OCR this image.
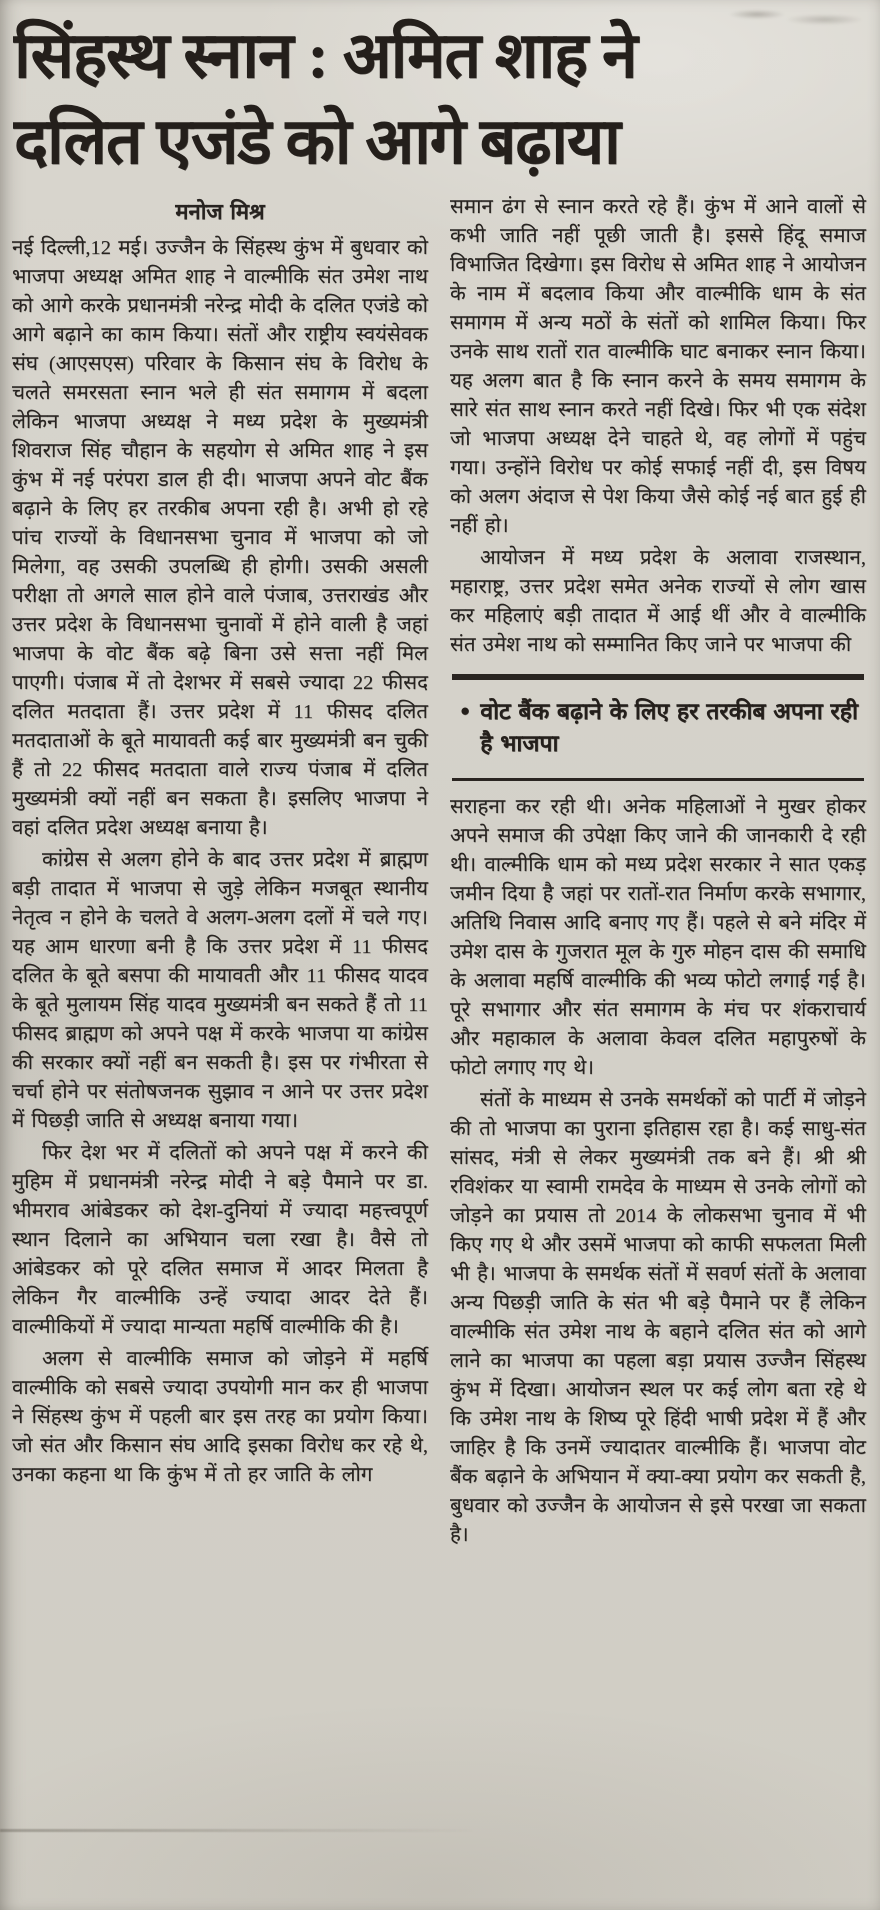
सिंहस्थ स्नान : अमित शाह ने
दलित एजंडे को आगे बढ़ाया
मनोज मिश्र

नई दिल्ली,12 मई। उज्जैन के सिंहस्थ कुंभ में बुधवार को भाजपा अध्यक्ष अमित शाह ने वाल्मीकि संत उमेश नाथ को आगे करके प्रधानमंत्री नरेन्द्र मोदी के दलित एजंडे को आगे बढ़ाने का काम किया। संतों और राष्ट्रीय स्वयंसेवक संघ (आएसएस) परिवार के किसान संघ के विरोध के चलते समरसता स्नान भले ही संत समागम में बदला लेकिन भाजपा अध्यक्ष ने मध्य प्रदेश के मुख्यमंत्री शिवराज सिंह चौहान के सहयोग से अमित शाह ने इस कुंभ में नई परंपरा डाल ही दी। भाजपा अपने वोट बैंक बढ़ाने के लिए हर तरकीब अपना रही है। अभी हो रहे पांच राज्यों के विधानसभा चुनाव में भाजपा को जो मिलेगा, वह उसकी उपलब्धि ही होगी। उसकी असली परीक्षा तो अगले साल होने वाले पंजाब, उत्तराखंड और उत्तर प्रदेश के विधानसभा चुनावों में होने वाली है जहां भाजपा के वोट बैंक बढ़े बिना उसे सत्ता नहीं मिल पाएगी। पंजाब में तो देशभर में सबसे ज्यादा 22 फीसद दलित मतदाता हैं। उत्तर प्रदेश में 11 फीसद दलित मतदाताओं के बूते मायावती कई बार मुख्यमंत्री बन चुकी हैं तो 22 फीसद मतदाता वाले राज्य पंजाब में दलित मुख्यमंत्री क्यों नहीं बन सकता है। इसलिए भाजपा ने वहां दलित प्रदेश अध्यक्ष बनाया है।

कांग्रेस से अलग होने के बाद उत्तर प्रदेश में ब्राह्मण बड़ी तादात में भाजपा से जुड़े लेकिन मजबूत स्थानीय नेतृत्व न होने के चलते वे अलग-अलग दलों में चले गए। यह आम धारणा बनी है कि उत्तर प्रदेश में 11 फीसद दलित के बूते बसपा की मायावती और 11 फीसद यादव के बूते मुलायम सिंह यादव मुख्यमंत्री बन सकते हैं तो 11 फीसद ब्राह्मण को अपने पक्ष में करके भाजपा या कांग्रेस की सरकार क्यों नहीं बन सकती है। इस पर गंभीरता से चर्चा होने पर संतोषजनक सुझाव न आने पर उत्तर प्रदेश में पिछड़ी जाति से अध्यक्ष बनाया गया।

फिर देश भर में दलितों को अपने पक्ष में करने की मुहिम में प्रधानमंत्री नरेन्द्र मोदी ने बड़े पैमाने पर डा. भीमराव आंबेडकर को देश-दुनियां में ज्यादा महत्त्वपूर्ण स्थान दिलाने का अभियान चला रखा है। वैसे तो आंबेडकर को पूरे दलित समाज में आदर मिलता है लेकिन गैर वाल्मीकि उन्हें ज्यादा आदर देते हैं। वाल्मीकियों में ज्यादा मान्यता महर्षि वाल्मीकि की है।

अलग से वाल्मीकि समाज को जोड़ने में महर्षि वाल्मीकि को सबसे ज्यादा उपयोगी मान कर ही भाजपा ने सिंहस्थ कुंभ में पहली बार इस तरह का प्रयोग किया। जो संत और किसान संघ आदि इसका विरोध कर रहे थे, उनका कहना था कि कुंभ में तो हर जाति के लोग

समान ढंग से स्नान करते रहे हैं। कुंभ में आने वालों से कभी जाति नहीं पूछी जाती है। इससे हिंदू समाज विभाजित दिखेगा। इस विरोध से अमित शाह ने आयोजन के नाम में बदलाव किया और वाल्मीकि धाम के संत समागम में अन्य मठों के संतों को शामिल किया। फिर उनके साथ रातों रात वाल्मीकि घाट बनाकर स्नान किया। यह अलग बात है कि स्नान करने के समय समागम के सारे संत साथ स्नान करते नहीं दिखे। फिर भी एक संदेश जो भाजपा अध्यक्ष देने चाहते थे, वह लोगों में पहुंच गया। उन्होंने विरोध पर कोई सफाई नहीं दी, इस विषय को अलग अंदाज से पेश किया जैसे कोई नई बात हुई ही नहीं हो।

आयोजन में मध्य प्रदेश के अलावा राजस्थान, महाराष्ट्र, उत्तर प्रदेश समेत अनेक राज्यों से लोग खास कर महिलाएं बड़ी तादात में आई थीं और वे वाल्मीकि संत उमेश नाथ को सम्मानित किए जाने पर भाजपा की

● वोट बैंक बढ़ाने के लिए हर तरकीब अपना रही है भाजपा

सराहना कर रही थी। अनेक महिलाओं ने मुखर होकर अपने समाज की उपेक्षा किए जाने की जानकारी दे रही थी। वाल्मीकि धाम को मध्य प्रदेश सरकार ने सात एकड़ जमीन दिया है जहां पर रातों-रात निर्माण करके सभागार, अतिथि निवास आदि बनाए गए हैं। पहले से बने मंदिर में उमेश दास के गुजरात मूल के गुरु मोहन दास की समाधि के अलावा महर्षि वाल्मीकि की भव्य फोटो लगाई गई है। पूरे सभागार और संत समागम के मंच पर शंकराचार्य और महाकाल के अलावा केवल दलित महापुरुषों के फोटो लगाए गए थे।

संतों के माध्यम से उनके समर्थकों को पार्टी में जोड़ने की तो भाजपा का पुराना इतिहास रहा है। कई साधु-संत सांसद, मंत्री से लेकर मुख्यमंत्री तक बने हैं। श्री श्री रविशंकर या स्वामी रामदेव के माध्यम से उनके लोगों को जोड़ने का प्रयास तो 2014 के लोकसभा चुनाव में भी किए गए थे और उसमें भाजपा को काफी सफलता मिली भी है। भाजपा के समर्थक संतों में सवर्ण संतों के अलावा अन्य पिछड़ी जाति के संत भी बड़े पैमाने पर हैं लेकिन वाल्मीकि संत उमेश नाथ के बहाने दलित संत को आगे लाने का भाजपा का पहला बड़ा प्रयास उज्जैन सिंहस्थ कुंभ में दिखा। आयोजन स्थल पर कई लोग बता रहे थे कि उमेश नाथ के शिष्य पूरे हिंदी भाषी प्रदेश में हैं और जाहिर है कि उनमें ज्यादातर वाल्मीकि हैं। भाजपा वोट बैंक बढ़ाने के अभियान में क्या-क्या प्रयोग कर सकती है, बुधवार को उज्जैन के आयोजन से इसे परखा जा सकता है।
